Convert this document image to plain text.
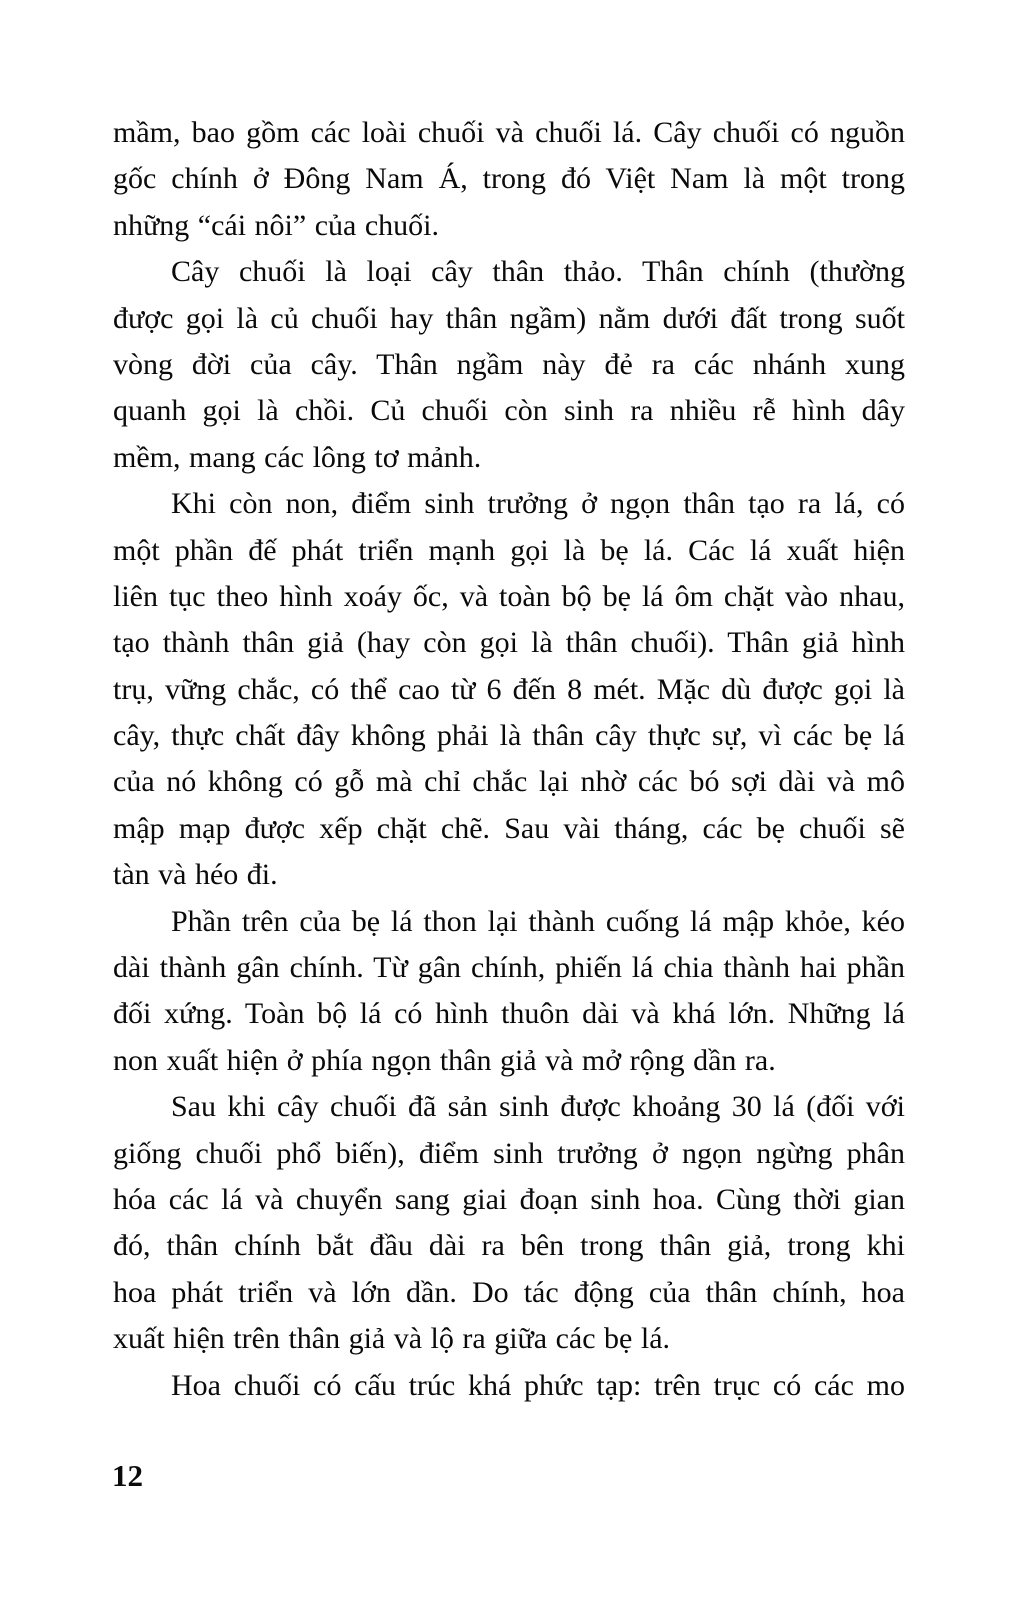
mầm, bao gồm các loài chuối và chuối lá. Cây chuối có nguồn
gốc chính ở Đông Nam Á, trong đó Việt Nam là một trong
những “cái nôi” của chuối.
Cây chuối là loại cây thân thảo. Thân chính (thường
được gọi là củ chuối hay thân ngầm) nằm dưới đất trong suốt
vòng đời của cây. Thân ngầm này đẻ ra các nhánh xung
quanh gọi là chồi. Củ chuối còn sinh ra nhiều rễ hình dây
mềm, mang các lông tơ mảnh.
Khi còn non, điểm sinh trưởng ở ngọn thân tạo ra lá, có
một phần đế phát triển mạnh gọi là bẹ lá. Các lá xuất hiện
liên tục theo hình xoáy ốc, và toàn bộ bẹ lá ôm chặt vào nhau,
tạo thành thân giả (hay còn gọi là thân chuối). Thân giả hình
trụ, vững chắc, có thể cao từ 6 đến 8 mét. Mặc dù được gọi là
cây, thực chất đây không phải là thân cây thực sự, vì các bẹ lá
của nó không có gỗ mà chỉ chắc lại nhờ các bó sợi dài và mô
mập mạp được xếp chặt chẽ. Sau vài tháng, các bẹ chuối sẽ
tàn và héo đi.
Phần trên của bẹ lá thon lại thành cuống lá mập khỏe, kéo
dài thành gân chính. Từ gân chính, phiến lá chia thành hai phần
đối xứng. Toàn bộ lá có hình thuôn dài và khá lớn. Những lá
non xuất hiện ở phía ngọn thân giả và mở rộng dần ra.
Sau khi cây chuối đã sản sinh được khoảng 30 lá (đối với
giống chuối phổ biến), điểm sinh trưởng ở ngọn ngừng phân
hóa các lá và chuyển sang giai đoạn sinh hoa. Cùng thời gian
đó, thân chính bắt đầu dài ra bên trong thân giả, trong khi
hoa phát triển và lớn dần. Do tác động của thân chính, hoa
xuất hiện trên thân giả và lộ ra giữa các bẹ lá.
Hoa chuối có cấu trúc khá phức tạp: trên trục có các mo
12
